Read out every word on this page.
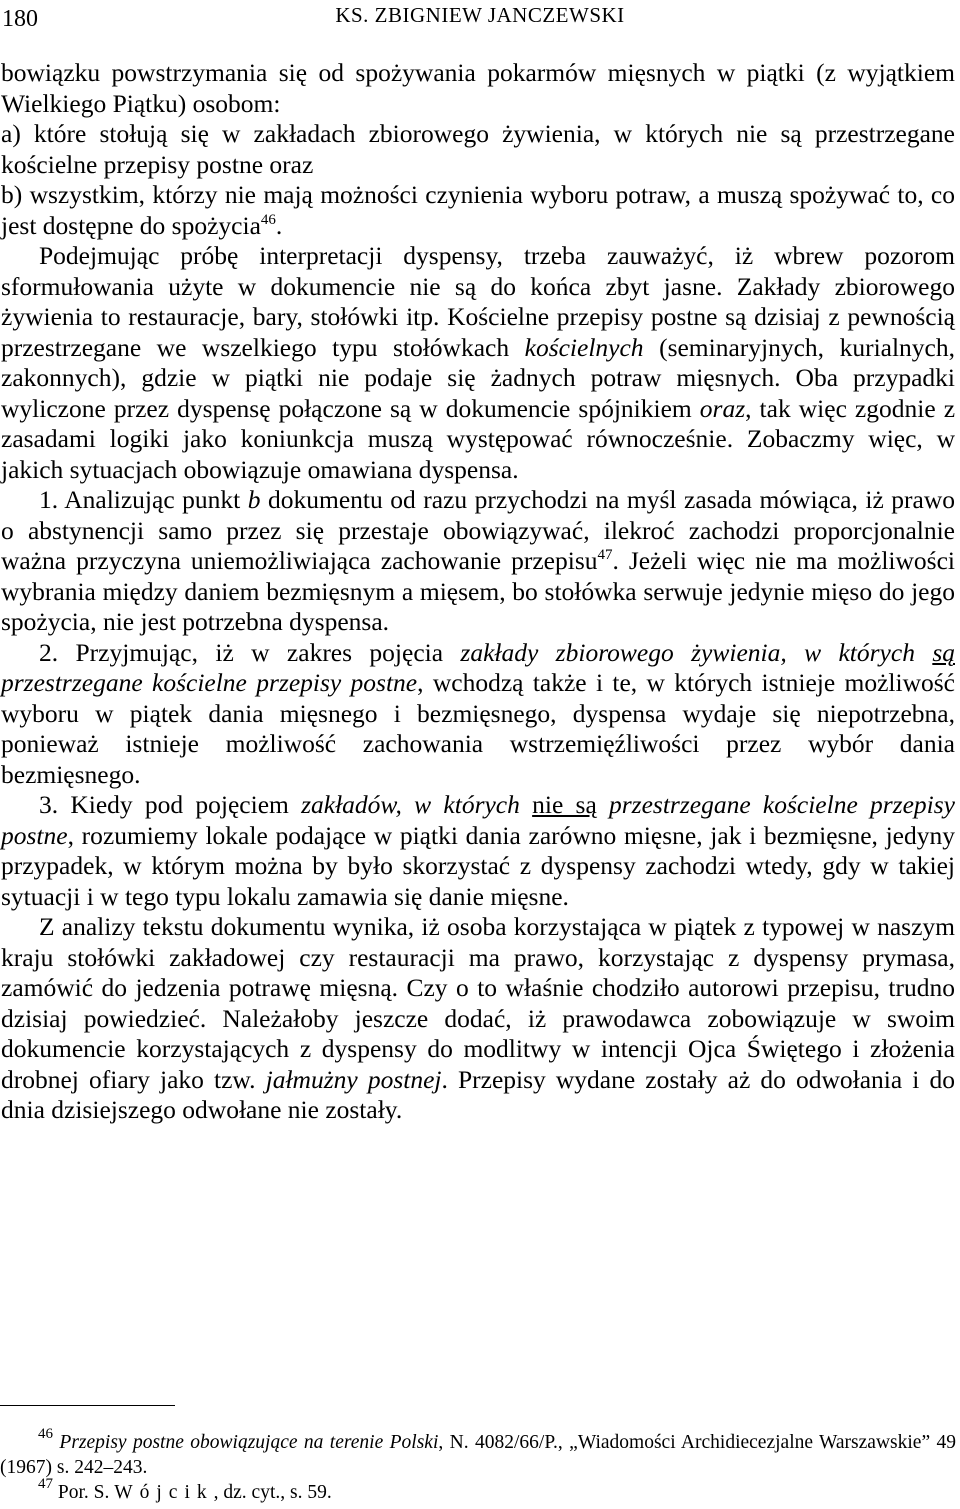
180	KS. ZBIGNIEW JANCZEWSKI

bowiązku powstrzymania się od spożywania pokarmów mięsnych w piątki (z wyjątkiem Wielkiego Piątku) osobom:

a) które stołują się w zakładach zbiorowego żywienia, w których nie są przestrzegane kościelne przepisy postne oraz

b) wszystkim, którzy nie mają możności czynienia wyboru potraw, a muszą spożywać to, co jest dostępne do spożycia$^{46}$.

Podejmując próbę interpretacji dyspensy, trzeba zauważyć, iż wbrew pozorom sformułowania użyte w dokumencie nie są do końca zbyt jasne. Zakłady zbiorowego żywienia to restauracje, bary, stołówki itp. Kościelne przepisy postne są dzisiaj z pewnością przestrzegane we wszelkiego typu stołówkach kościelnych (seminaryjnych, kurialnych, zakonnych), gdzie w piątki nie podaje się żadnych potraw mięsnych. Oba przypadki wyliczone przez dyspensę połączone są w dokumencie spójnikiem oraz, tak więc zgodnie z zasadami logiki jako koniunkcja muszą występować równocześnie. Zobaczmy więc, w jakich sytuacjach obowiązuje omawiana dyspensa.

1. Analizując punkt b dokumentu od razu przychodzi na myśl zasada mówiąca, iż prawo o abstynencji samo przez się przestaje obowiązywać, ilekroć zachodzi proporcjonalnie ważna przyczyna uniemożliwiająca zachowanie przepisu$^{47}$. Jeżeli więc nie ma możliwości wybrania między daniem bezmięsnym a mięsem, bo stołówka serwuje jedynie mięso do jego spożycia, nie jest potrzebna dyspensa.

2. Przyjmując, iż w zakres pojęcia zakłady zbiorowego żywienia, w których są przestrzegane kościelne przepisy postne, wchodzą także i te, w których istnieje możliwość wyboru w piątek dania mięsnego i bezmięsnego, dyspensa wydaje się niepotrzebna, ponieważ istnieje możliwość zachowania wstrzemięźliwości przez wybór dania bezmięsnego.

3. Kiedy pod pojęciem zakładów, w których nie są przestrzegane kościelne przepisy postne, rozumiemy lokale podające w piątki dania zarówno mięsne, jak i bezmięsne, jedyny przypadek, w którym można by było skorzystać z dyspensy zachodzi wtedy, gdy w takiej sytuacji i w tego typu lokalu zamawia się danie mięsne.

Z analizy tekstu dokumentu wynika, iż osoba korzystająca w piątek z typowej w naszym kraju stołówki zakładowej czy restauracji ma prawo, korzystając z dyspensy prymasa, zamówić do jedzenia potrawę mięsną. Czy o to właśnie chodziło autorowi przepisu, trudno dzisiaj powiedzieć. Należałoby jeszcze dodać, iż prawodawca zobowiązuje w swoim dokumencie korzystających z dyspensy do modlitwy w intencji Ojca Świętego i złożenia drobnej ofiary jako tzw. jałmużny postnej. Przepisy wydane zostały aż do odwołania i do dnia dzisiejszego odwołane nie zostały.

$^{46}$ Przepisy postne obowiązujące na terenie Polski, N. 4082/66/P., „Wiadomości Archidiecezjalne Warszawskie” 49 (1967) s. 242–243.

$^{47}$ Por. S. Wójcik, dz. cyt., s. 59.
